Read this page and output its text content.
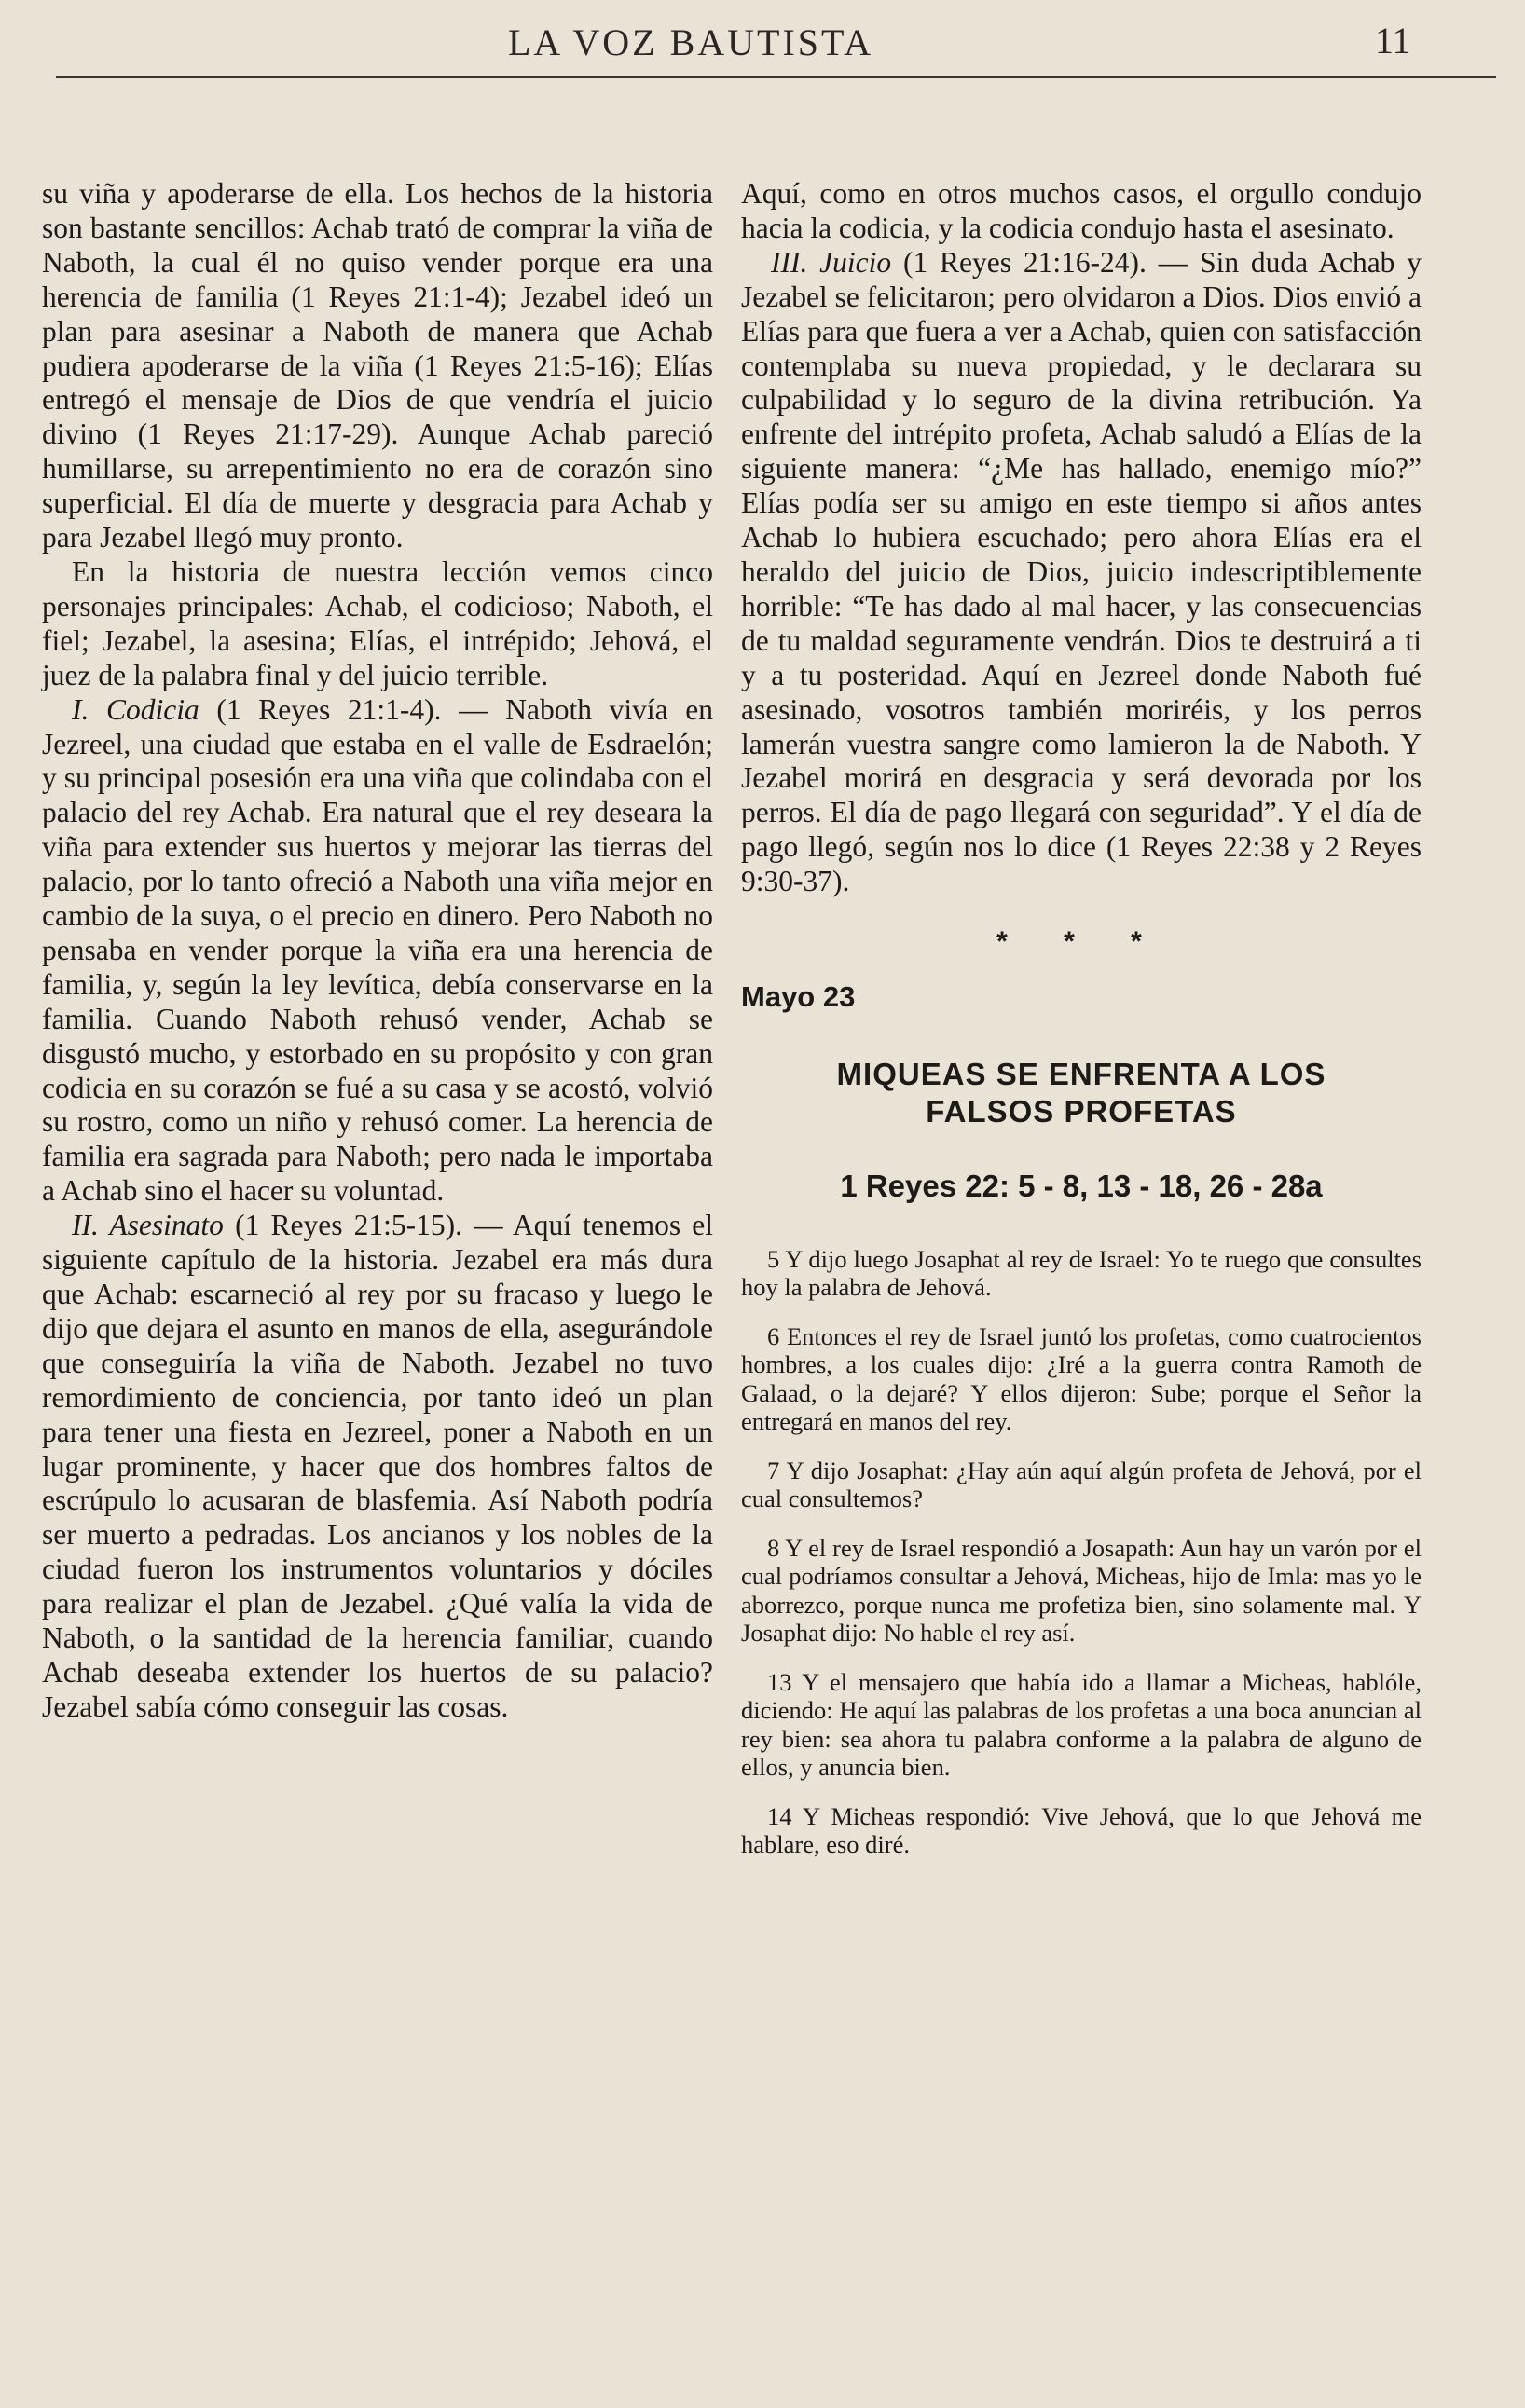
LA VOZ BAUTISTA	11

su viña y apoderarse de ella. Los hechos de la historia son bastante sencillos: Achab trató de comprar la viña de Naboth, la cual él no quiso vender porque era una herencia de familia (1 Reyes 21:1-4); Jezabel ideó un plan para asesinar a Naboth de manera que Achab pudiera apoderarse de la viña (1 Reyes 21:5-16); Elías entregó el mensaje de Dios de que vendría el juicio divino (1 Reyes 21:17-29). Aunque Achab pareció humillarse, su arrepentimiento no era de corazón sino superficial. El día de muerte y desgracia para Achab y para Jezabel llegó muy pronto.

En la historia de nuestra lección vemos cinco personajes principales: Achab, el codicioso; Naboth, el fiel; Jezabel, la asesina; Elías, el intrépido; Jehová, el juez de la palabra final y del juicio terrible.

I. Codicia (1 Reyes 21:1-4). — Naboth vivía en Jezreel, una ciudad que estaba en el valle de Esdraelón; y su principal posesión era una viña que colindaba con el palacio del rey Achab. Era natural que el rey deseara la viña para extender sus huertos y mejorar las tierras del palacio, por lo tanto ofreció a Naboth una viña mejor en cambio de la suya, o el precio en dinero. Pero Naboth no pensaba en vender porque la viña era una herencia de familia, y, según la ley levítica, debía conservarse en la familia. Cuando Naboth rehusó vender, Achab se disgustó mucho, y estorbado en su propósito y con gran codicia en su corazón se fué a su casa y se acostó, volvió su rostro, como un niño y rehusó comer. La herencia de familia era sagrada para Naboth; pero nada le importaba a Achab sino el hacer su voluntad.

II. Asesinato (1 Reyes 21:5-15). — Aquí tenemos el siguiente capítulo de la historia. Jezabel era más dura que Achab: escarneció al rey por su fracaso y luego le dijo que dejara el asunto en manos de ella, asegurándole que conseguiría la viña de Naboth. Jezabel no tuvo remordimiento de conciencia, por tanto ideó un plan para tener una fiesta en Jezreel, poner a Naboth en un lugar prominente, y hacer que dos hombres faltos de escrúpulo lo acusaran de blasfemia. Así Naboth podría ser muerto a pedradas. Los ancianos y los nobles de la ciudad fueron los instrumentos voluntarios y dóciles para realizar el plan de Jezabel. ¿Qué valía la vida de Naboth, o la santidad de la herencia familiar, cuando Achab deseaba extender los huertos de su palacio? Jezabel sabía cómo conseguir las cosas.

Aquí, como en otros muchos casos, el orgullo condujo hacia la codicia, y la codicia condujo hasta el asesinato.

III. Juicio (1 Reyes 21:16-24). — Sin duda Achab y Jezabel se felicitaron; pero olvidaron a Dios. Dios envió a Elías para que fuera a ver a Achab, quien con satisfacción contemplaba su nueva propiedad, y le declarara su culpabilidad y lo seguro de la divina retribución. Ya enfrente del intrépito profeta, Achab saludó a Elías de la siguiente manera: “¿Me has hallado, enemigo mío?” Elías podía ser su amigo en este tiempo si años antes Achab lo hubiera escuchado; pero ahora Elías era el heraldo del juicio de Dios, juicio indescriptiblemente horrible: “Te has dado al mal hacer, y las consecuencias de tu maldad seguramente vendrán. Dios te destruirá a ti y a tu posteridad. Aquí en Jezreel donde Naboth fué asesinado, vosotros también moriréis, y los perros lamerán vuestra sangre como lamieron la de Naboth. Y Jezabel morirá en desgracia y será devorada por los perros. El día de pago llegará con seguridad”. Y el día de pago llegó, según nos lo dice (1 Reyes 22:38 y 2 Reyes 9:30-37).

* * *
Mayo 23
MIQUEAS SE ENFRENTA A LOS
FALSOS PROFETAS
1 Reyes 22: 5 - 8, 13 - 18, 26 - 28a

5 Y dijo luego Josaphat al rey de Israel: Yo te ruego que consultes hoy la palabra de Jehová.

6 Entonces el rey de Israel juntó los profetas, como cuatrocientos hombres, a los cuales dijo: ¿Iré a la guerra contra Ramoth de Galaad, o la dejaré? Y ellos dijeron: Sube; porque el Señor la entregará en manos del rey.

7 Y dijo Josaphat: ¿Hay aún aquí algún profeta de Jehová, por el cual consultemos?

8 Y el rey de Israel respondió a Josapath: Aun hay un varón por el cual podríamos consultar a Jehová, Micheas, hijo de Imla: mas yo le aborrezco, porque nunca me profetiza bien, sino solamente mal. Y Josaphat dijo: No hable el rey así.

13 Y el mensajero que había ido a llamar a Micheas, hablóle, diciendo: He aquí las palabras de los profetas a una boca anuncian al rey bien: sea ahora tu palabra conforme a la palabra de alguno de ellos, y anuncia bien.

14 Y Micheas respondió: Vive Jehová, que lo que Jehová me hablare, eso diré.
